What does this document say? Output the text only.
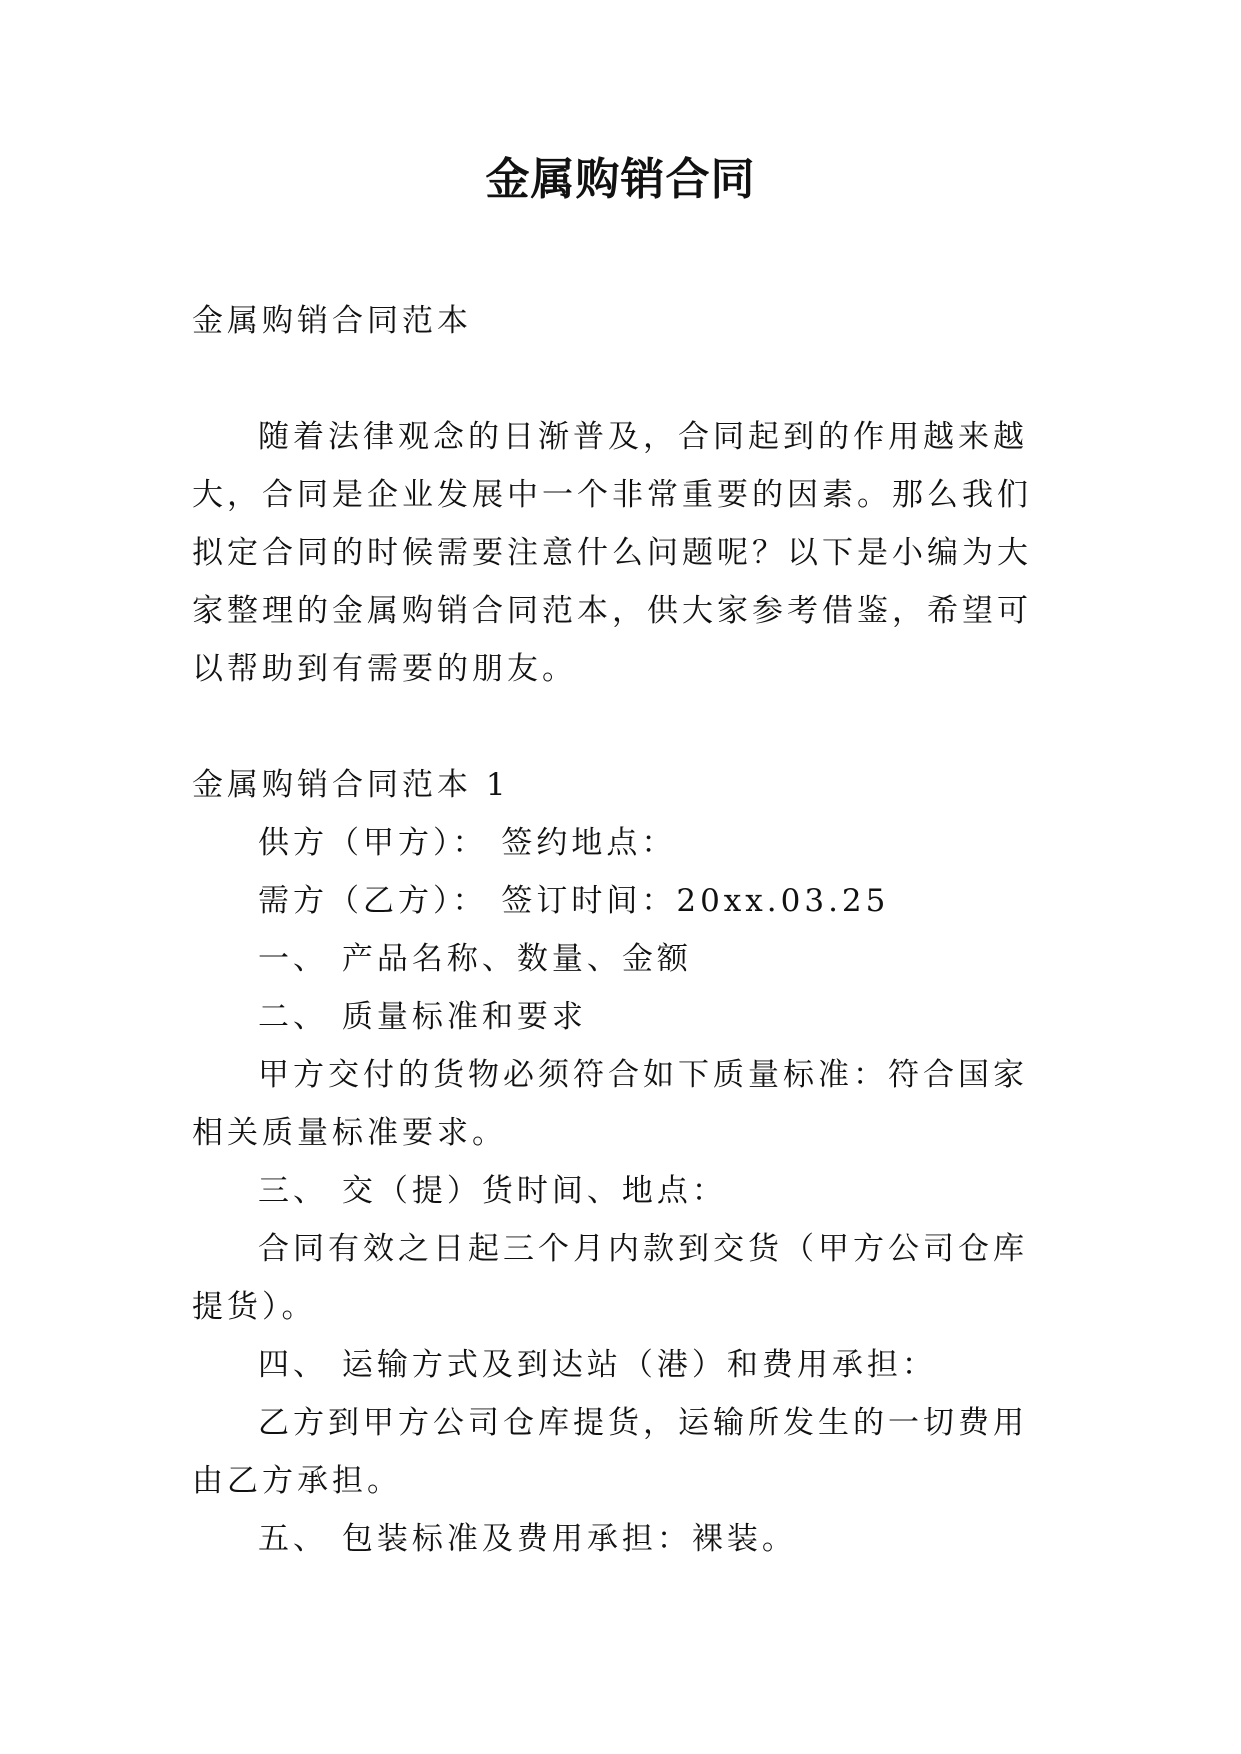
金属购销合同

金属购销合同范本

随着法律观念的日渐普及，合同起到的作用越来越大，合同是企业发展中一个非常重要的因素。那么我们拟定合同的时候需要注意什么问题呢？以下是小编为大家整理的金属购销合同范本，供大家参考借鉴，希望可以帮助到有需要的朋友。

金属购销合同范本 1

供方（甲方）： 签约地点：

需方（乙方）： 签订时间：20xx.03.25

一、 产品名称、数量、金额

二、 质量标准和要求

甲方交付的货物必须符合如下质量标准：符合国家相关质量标准要求。

三、 交（提）货时间、地点：

合同有效之日起三个月内款到交货（甲方公司仓库提货）。

四、 运输方式及到达站（港）和费用承担：

乙方到甲方公司仓库提货，运输所发生的一切费用由乙方承担。

五、 包装标准及费用承担：裸装。
